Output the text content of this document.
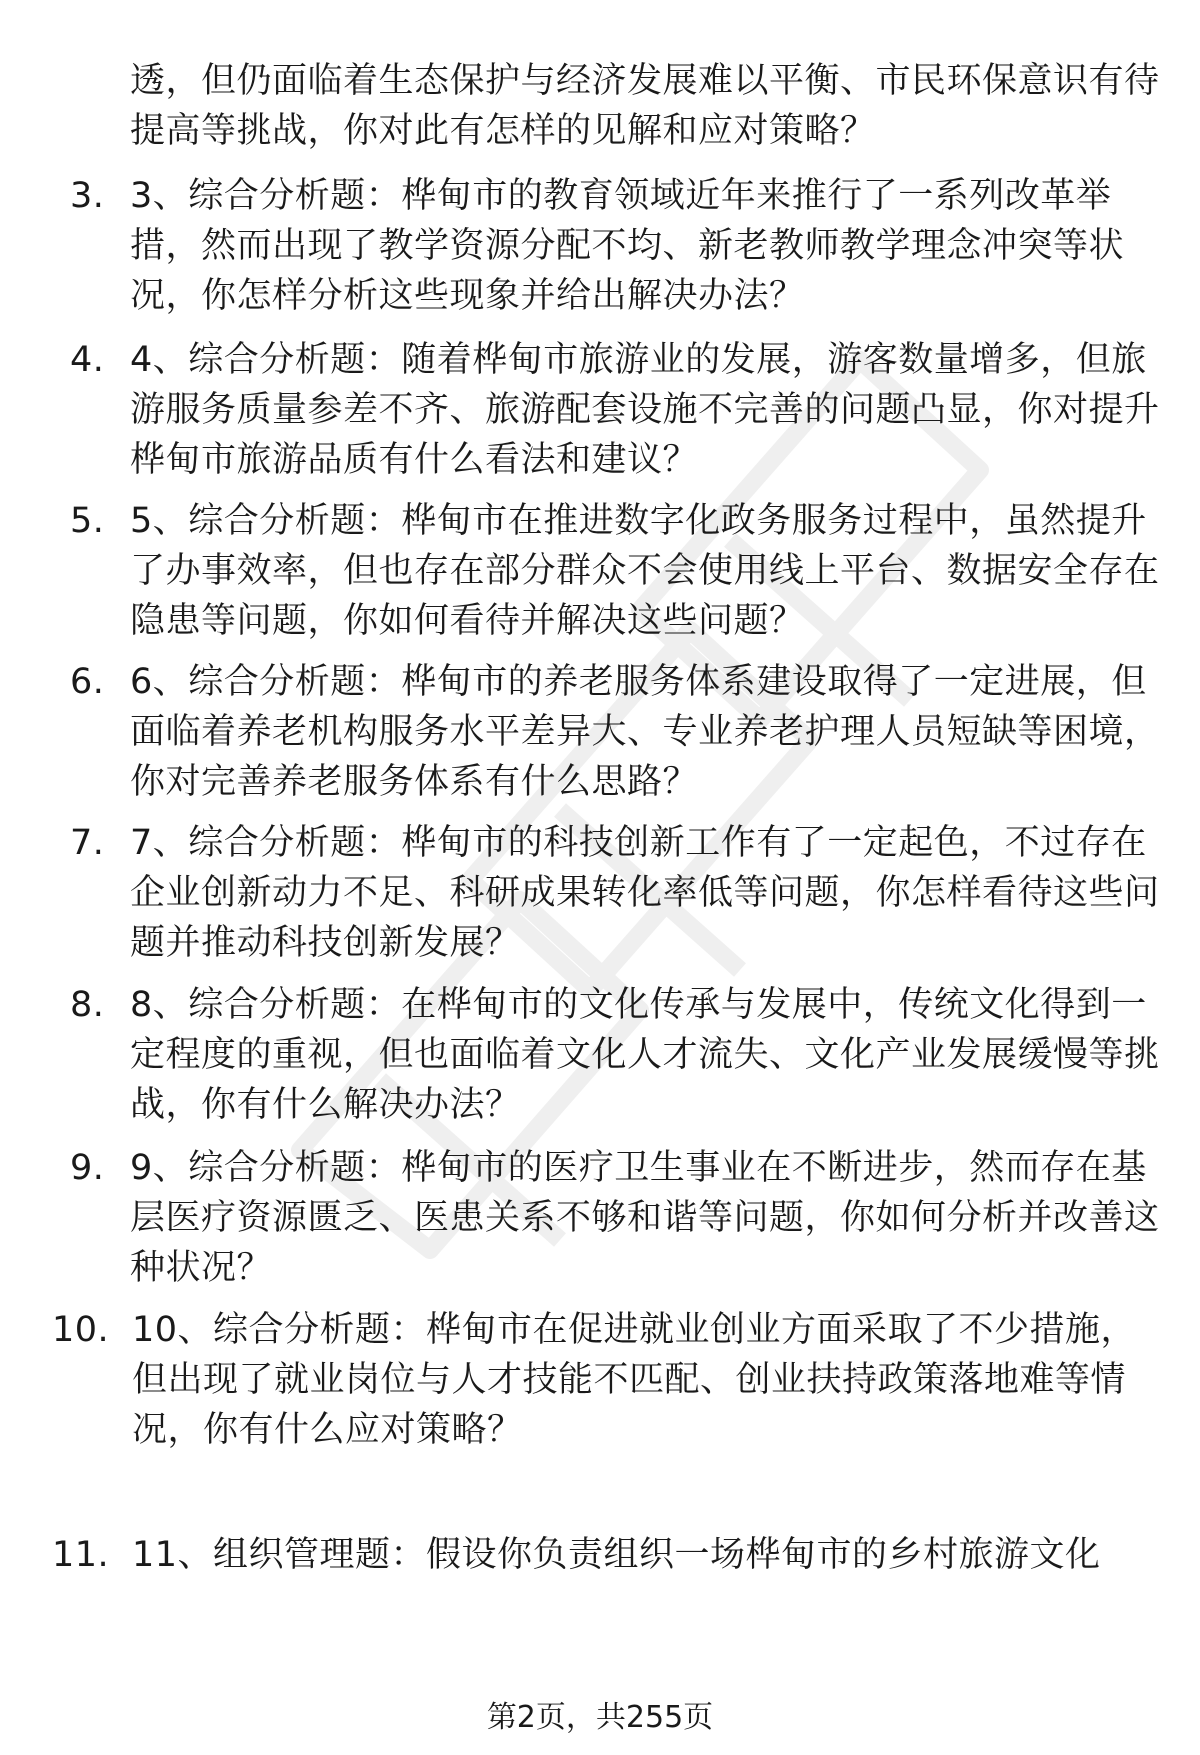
透，但仍面临着生态保护与经济发展难以平衡、市民环保意识有待提高等挑战，你对此有怎样的见解和应对策略？
3. 3、综合分析题：桦甸市的教育领域近年来推行了一系列改革举措，然而出现了教学资源分配不均、新老教师教学理念冲突等状况，你怎样分析这些现象并给出解决办法？
4. 4、综合分析题：随着桦甸市旅游业的发展，游客数量增多，但旅游服务质量参差不齐、旅游配套设施不完善的问题凸显，你对提升桦甸市旅游品质有什么看法和建议？
5. 5、综合分析题：桦甸市在推进数字化政务服务过程中，虽然提升了办事效率，但也存在部分群众不会使用线上平台、数据安全存在隐患等问题，你如何看待并解决这些问题？
6. 6、综合分析题：桦甸市的养老服务体系建设取得了一定进展，但面临着养老机构服务水平差异大、专业养老护理人员短缺等困境，你对完善养老服务体系有什么思路？
7. 7、综合分析题：桦甸市的科技创新工作有了一定起色，不过存在企业创新动力不足、科研成果转化率低等问题，你怎样看待这些问题并推动科技创新发展？
8. 8、综合分析题：在桦甸市的文化传承与发展中，传统文化得到一定程度的重视，但也面临着文化人才流失、文化产业发展缓慢等挑战，你有什么解决办法？
9. 9、综合分析题：桦甸市的医疗卫生事业在不断进步，然而存在基层医疗资源匮乏、医患关系不够和谐等问题，你如何分析并改善这种状况？
10. 10、综合分析题：桦甸市在促进就业创业方面采取了不少措施，但出现了就业岗位与人才技能不匹配、创业扶持政策落地难等情况，你有什么应对策略？
11. 11、组织管理题：假设你负责组织一场桦甸市的乡村旅游文化
第2页，共255页
